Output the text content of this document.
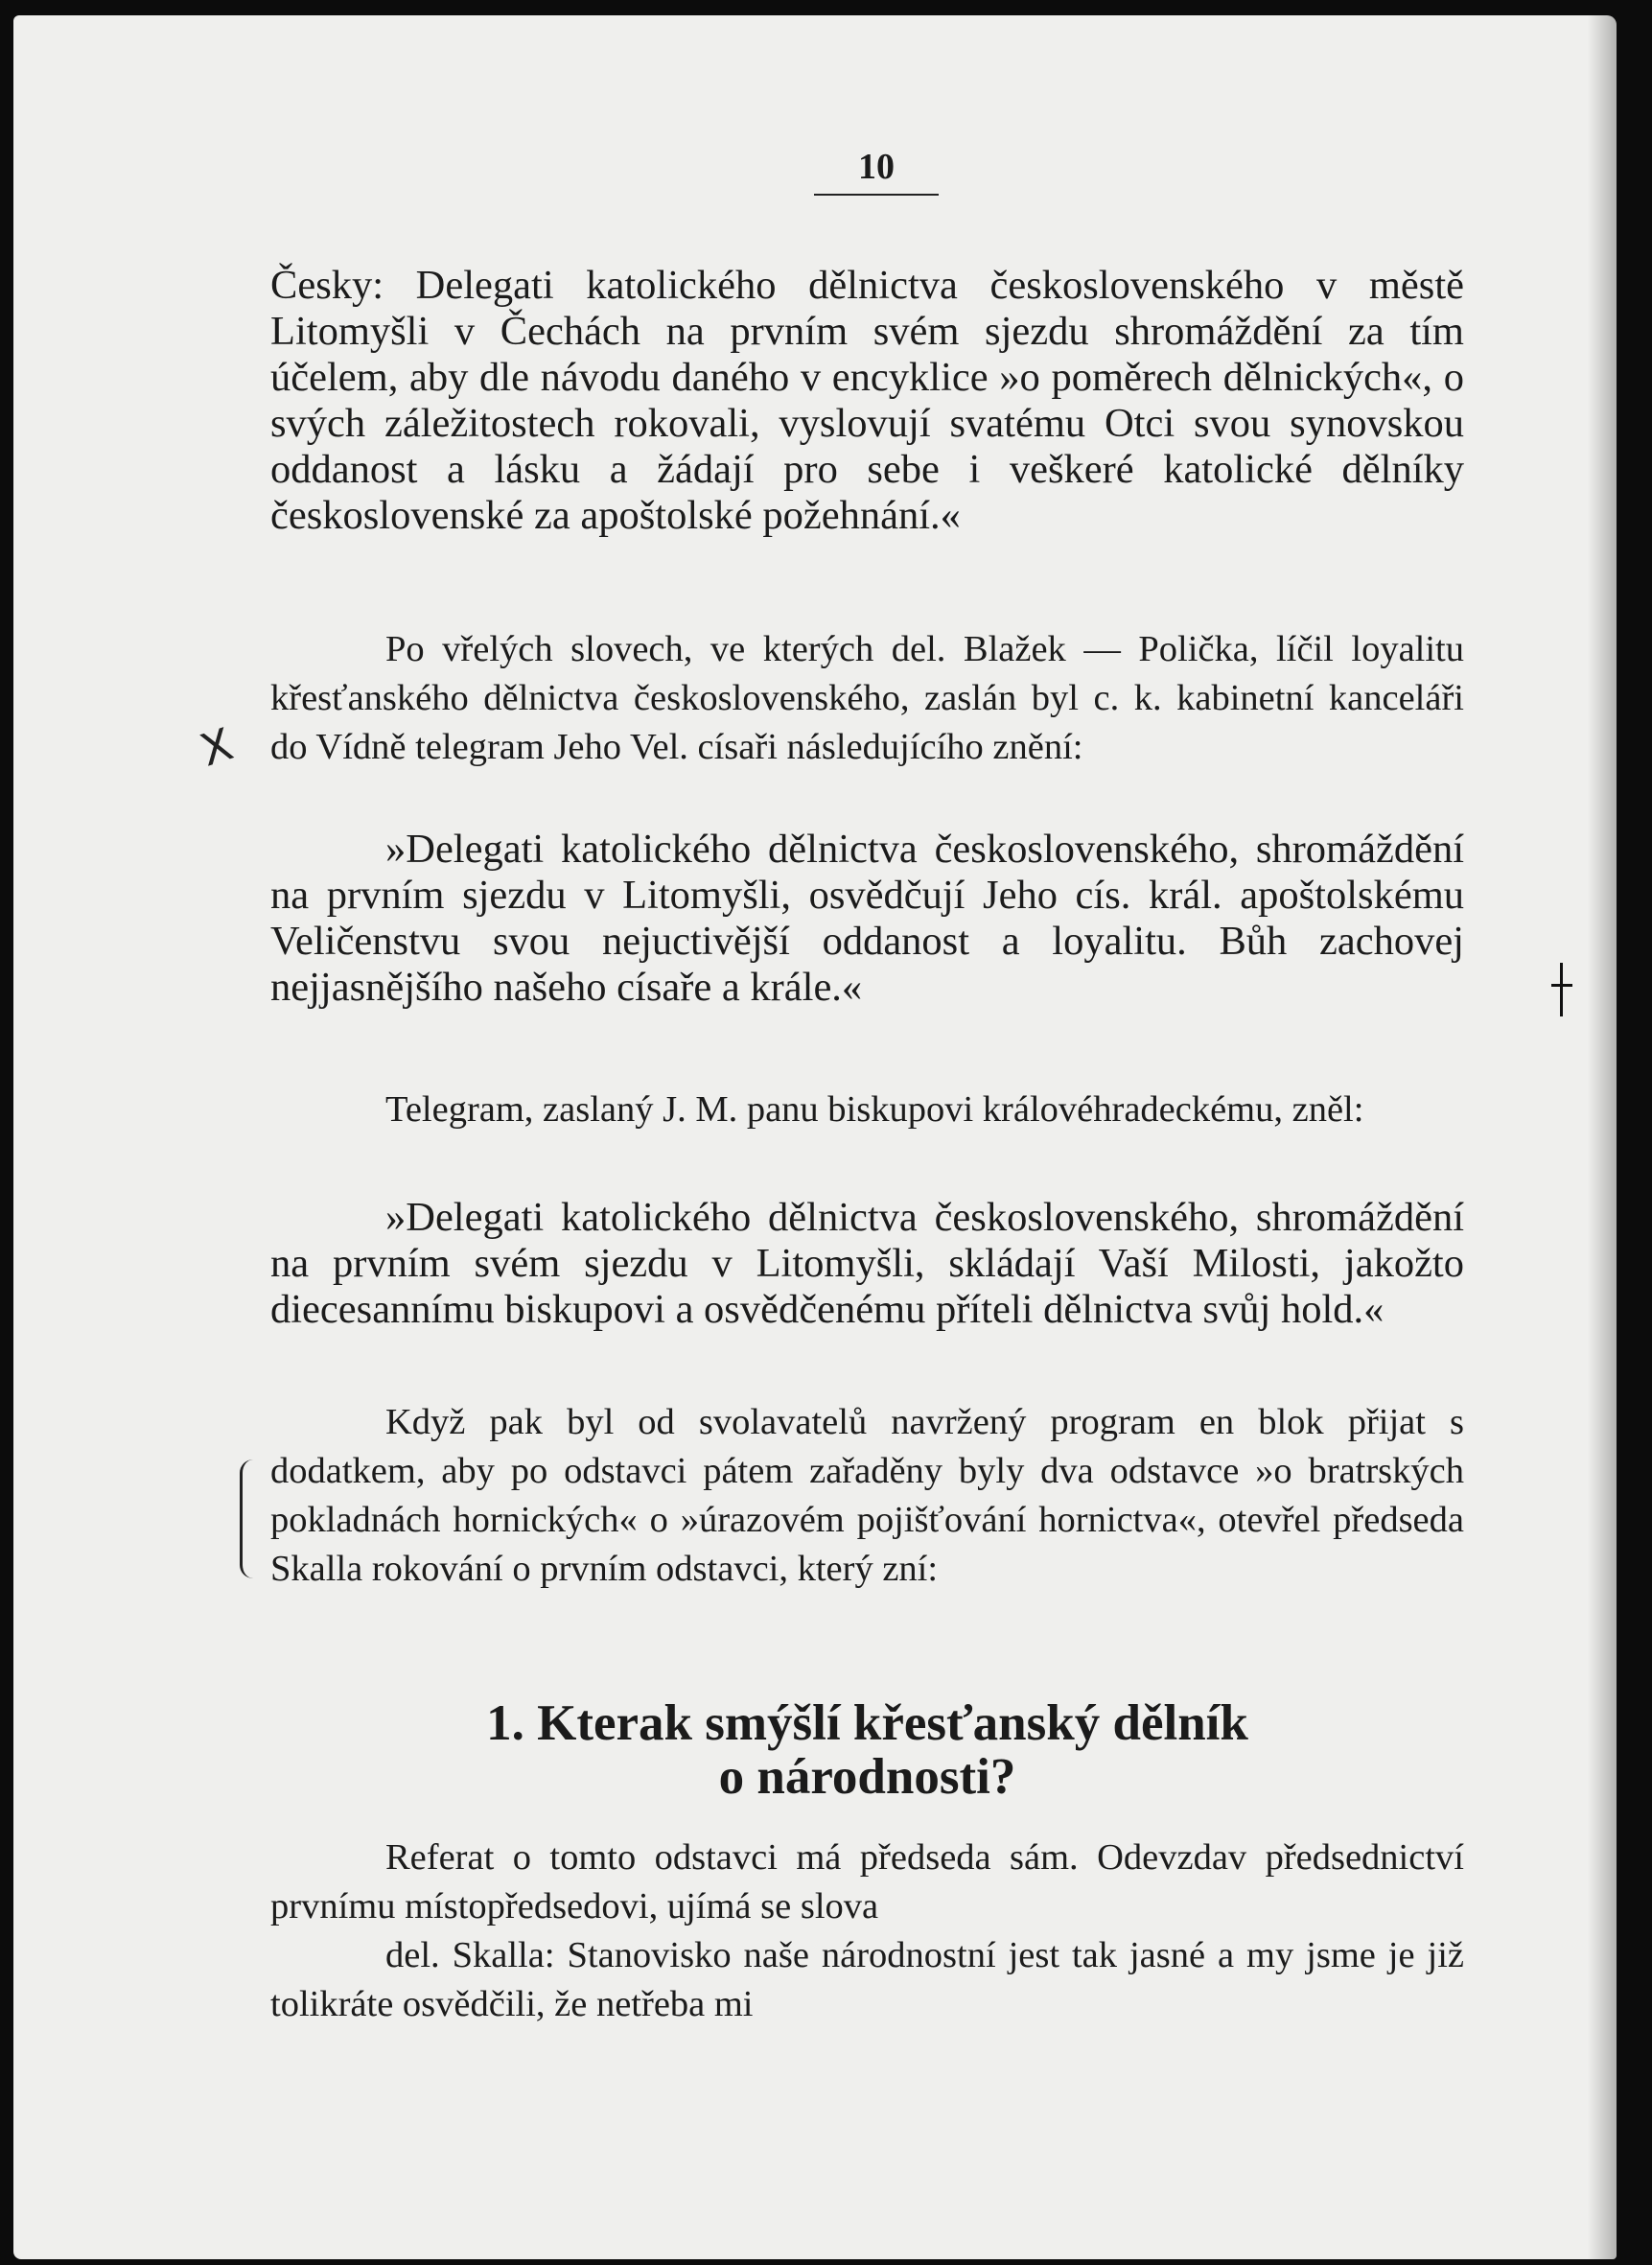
10

Česky: Delegati katolického dělnictva československého v městě Litomyšli v Čechách na prvním svém sjezdu shromáždění za tím účelem, aby dle návodu daného v encyklice »o poměrech dělnických«, o svých záležitostech rokovali, vyslovují svatému Otci svou synovskou oddanost a lásku a žádají pro sebe i veškeré katolické dělníky československé za apoštolské požehnání.«

Po vřelých slovech, ve kterých del. Blažek — Polička, líčil loyalitu křesťanského dělnictva československého, zaslán byl c. k. kabinetní kanceláři do Vídně telegram Jeho Vel. císaři následujícího znění:

»Delegati katolického dělnictva československého, shromáždění na prvním sjezdu v Litomyšli, osvědčují Jeho cís. král. apoštolskému Veličenstvu svou nejuctivější oddanost a loyalitu. Bůh zachovej nejjasnějšího našeho císaře a krále.«

Telegram, zaslaný J. M. panu biskupovi královéhradeckému, zněl:

»Delegati katolického dělnictva československého, shromáždění na prvním svém sjezdu v Litomyšli, skládají Vaší Milosti, jakožto diecesannímu biskupovi a osvědčenému příteli dělnictva svůj hold.«

Když pak byl od svolavatelů navržený program en blok přijat s dodatkem, aby po odstavci pátem zařaděny byly dva odstavce »o bratrských pokladnách hornických« o »úrazovém pojišťování hornictva«, otevřel předseda Skalla rokování o prvním odstavci, který zní:

1. Kterak smýšlí křesťanský dělník
o národnosti?

Referat o tomto odstavci má předseda sám. Odevzdav předsednictví prvnímu místopředsedovi, ujímá se slova

del. Skalla: Stanovisko naše národnostní jest tak jasné a my jsme je již tolikráte osvědčili, že netřeba mi

X
